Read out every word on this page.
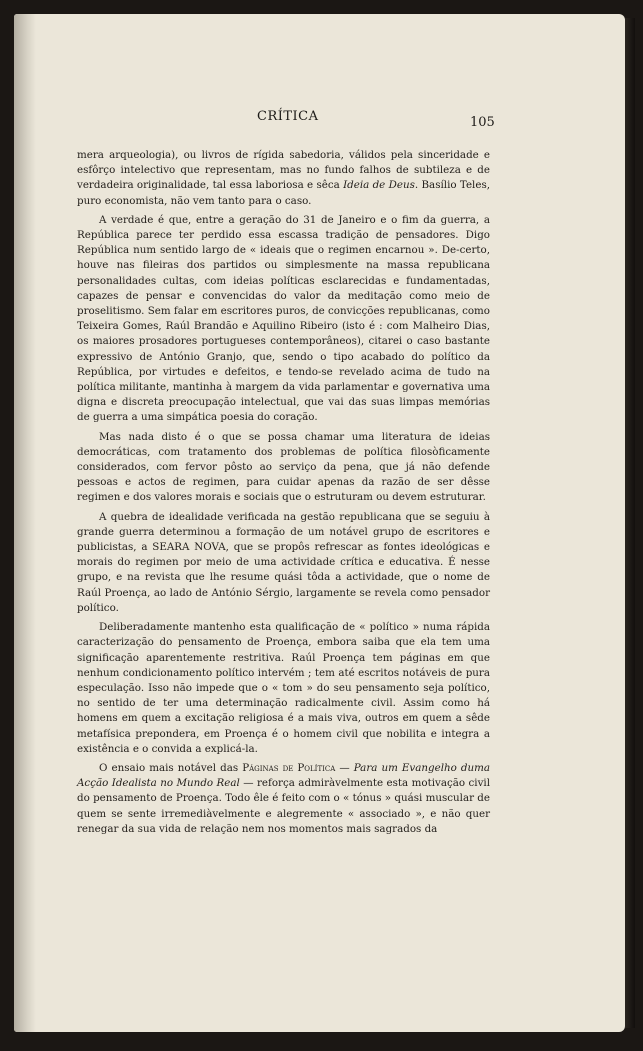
CRÍTICA	105

mera arqueologia), ou livros de rígida sabedoria, válidos pela sinceridade e esfôrço intelectivo que representam, mas no fundo falhos de subtileza e de verdadeira originalidade, tal essa laboriosa e sêca Ideia de Deus. Basílio Teles, puro economista, não vem tanto para o caso.

A verdade é que, entre a geração do 31 de Janeiro e o fim da guerra, a República parece ter perdido essa escassa tradição de pensadores. Digo República num sentido largo de « ideais que o regimen encarnou ». De-certo, houve nas fileiras dos partidos ou simplesmente na massa republicana personalidades cultas, com ideias políticas esclarecidas e fundamentadas, capazes de pensar e convencidas do valor da meditação como meio de proselitismo. Sem falar em escritores puros, de convicções republicanas, como Teixeira Gomes, Raúl Brandão e Aquilino Ribeiro (isto é : com Malheiro Dias, os maiores prosadores portugueses contemporâneos), citarei o caso bastante expressivo de António Granjo, que, sendo o tipo acabado do político da República, por virtudes e defeitos, e tendo-se revelado acima de tudo na política militante, mantinha à margem da vida parlamentar e governativa uma digna e discreta preocupação intelectual, que vai das suas limpas memórias de guerra a uma simpática poesia do coração.

Mas nada disto é o que se possa chamar uma literatura de ideias democráticas, com tratamento dos problemas de política filosòficamente considerados, com fervor pôsto ao serviço da pena, que já não defende pessoas e actos de regimen, para cuidar apenas da razão de ser dêsse regimen e dos valores morais e sociais que o estruturam ou devem estruturar.

A quebra de idealidade verificada na gestão republicana que se seguiu à grande guerra determinou a formação de um notável grupo de escritores e publicistas, a SEARA NOVA, que se propôs refrescar as fontes ideológicas e morais do regimen por meio de uma actividade crítica e educativa. É nesse grupo, e na revista que lhe resume quási tôda a actividade, que o nome de Raúl Proença, ao lado de António Sérgio, largamente se revela como pensador político.

Deliberadamente mantenho esta qualificação de « político » numa rápida caracterização do pensamento de Proença, embora saiba que ela tem uma significação aparentemente restritiva. Raúl Proença tem páginas em que nenhum condicionamento político intervém ; tem até escritos notáveis de pura especulação. Isso não impede que o « tom » do seu pensamento seja político, no sentido de ter uma determinação radicalmente civil. Assim como há homens em quem a excitação religiosa é a mais viva, outros em quem a sêde metafísica prepondera, em Proença é o homem civil que nobilita e integra a existência e o convida a explicá-la.

O ensaio mais notável das Páginas de Política — Para um Evangelho duma Acção Idealista no Mundo Real — reforça admiràvelmente esta motivação civil do pensamento de Proença. Todo êle é feito com o « tónus » quási muscular de quem se sente irremediàvelmente e alegremente « associado », e não quer renegar da sua vida de relação nem nos momentos mais sagrados da
